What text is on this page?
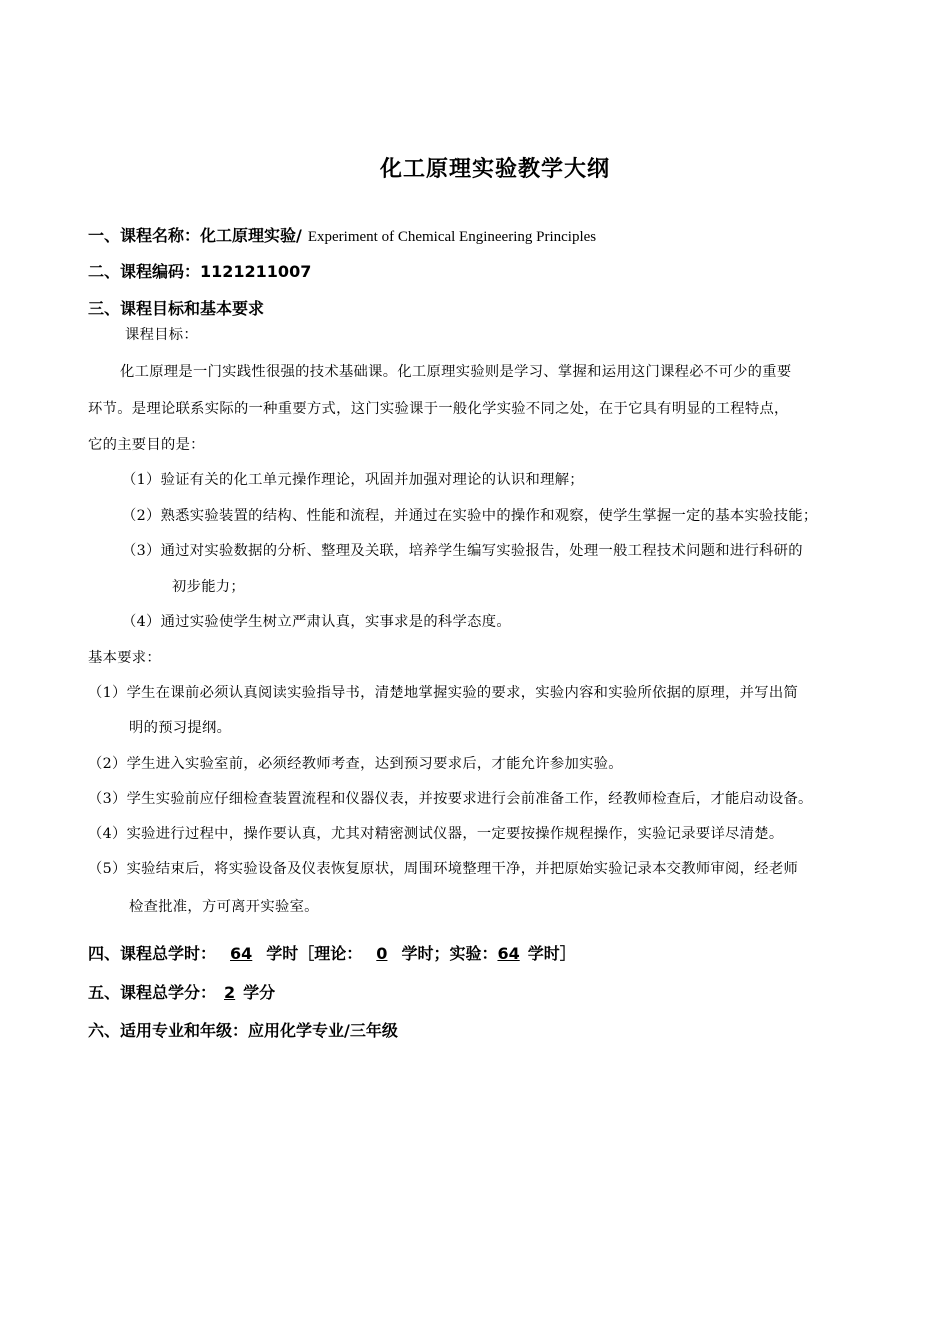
化工原理实验教学大纲
一、课程名称：化工原理实验/ Experiment of Chemical Engineering Principles
二、课程编码：1121211007
三、课程目标和基本要求
课程目标：
化工原理是一门实践性很强的技术基础课。化工原理实验则是学习、掌握和运用这门课程必不可少的重要
环节。是理论联系实际的一种重要方式，这门实验课于一般化学实验不同之处，在于它具有明显的工程特点，
它的主要目的是：
（1）验证有关的化工单元操作理论，巩固并加强对理论的认识和理解；
（2）熟悉实验装置的结构、性能和流程，并通过在实验中的操作和观察，使学生掌握一定的基本实验技能；
（3）通过对实验数据的分析、整理及关联，培养学生编写实验报告，处理一般工程技术问题和进行科研的
初步能力；
（4）通过实验使学生树立严肃认真，实事求是的科学态度。
基本要求：
（1）学生在课前必须认真阅读实验指导书，清楚地掌握实验的要求，实验内容和实验所依据的原理，并写出简
明的预习提纲。
（2）学生进入实验室前，必须经教师考查，达到预习要求后，才能允许参加实验。
（3）学生实验前应仔细检查装置流程和仪器仪表，并按要求进行会前准备工作，经教师检查后，才能启动设备。
（4）实验进行过程中，操作要认真，尤其对精密测试仪器，一定要按操作规程操作，实验记录要详尽清楚。
（5）实验结束后，将实验设备及仪表恢复原状，周围环境整理干净，并把原始实验记录本交教师审阅，经老师
检查批准，方可离开实验室。
四、课程总学时： 64 学时［理论： 0 学时；实验：64 学时］
五、课程总学分： 2 学分
六、适用专业和年级：应用化学专业/三年级
